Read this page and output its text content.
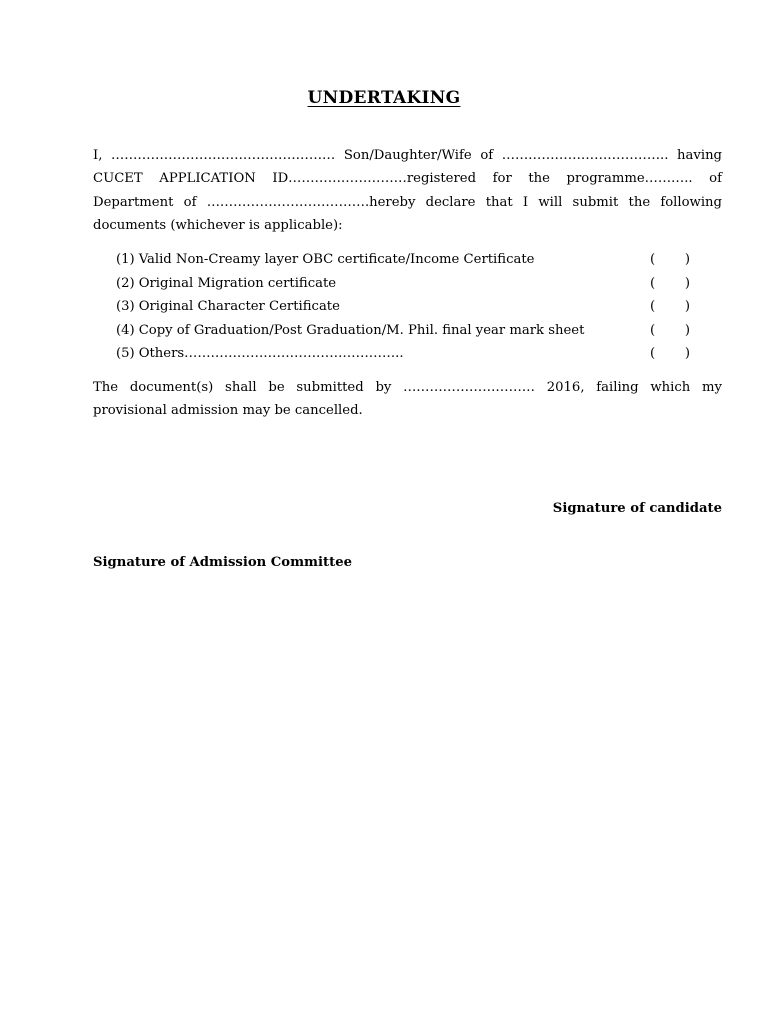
UNDERTAKING
I, …………………………………………… Son/Daughter/Wife of ……………………………….. having CUCET APPLICATION ID………………………registered for the programme……….. of Department of ……………………………….hereby declare that I will submit the following documents (whichever is applicable):
(1) Valid Non-Creamy layer OBC certificate/Income Certificate	( )
(2) Original Migration certificate	( )
(3) Original Character Certificate	( )
(4) Copy of Graduation/Post Graduation/M. Phil. final year mark sheet	( )
(5) Others…………………………………………..	( )
The document(s) shall be submitted by ………………………… 2016, failing which my provisional admission may be cancelled.
Signature of candidate
Signature of Admission Committee
